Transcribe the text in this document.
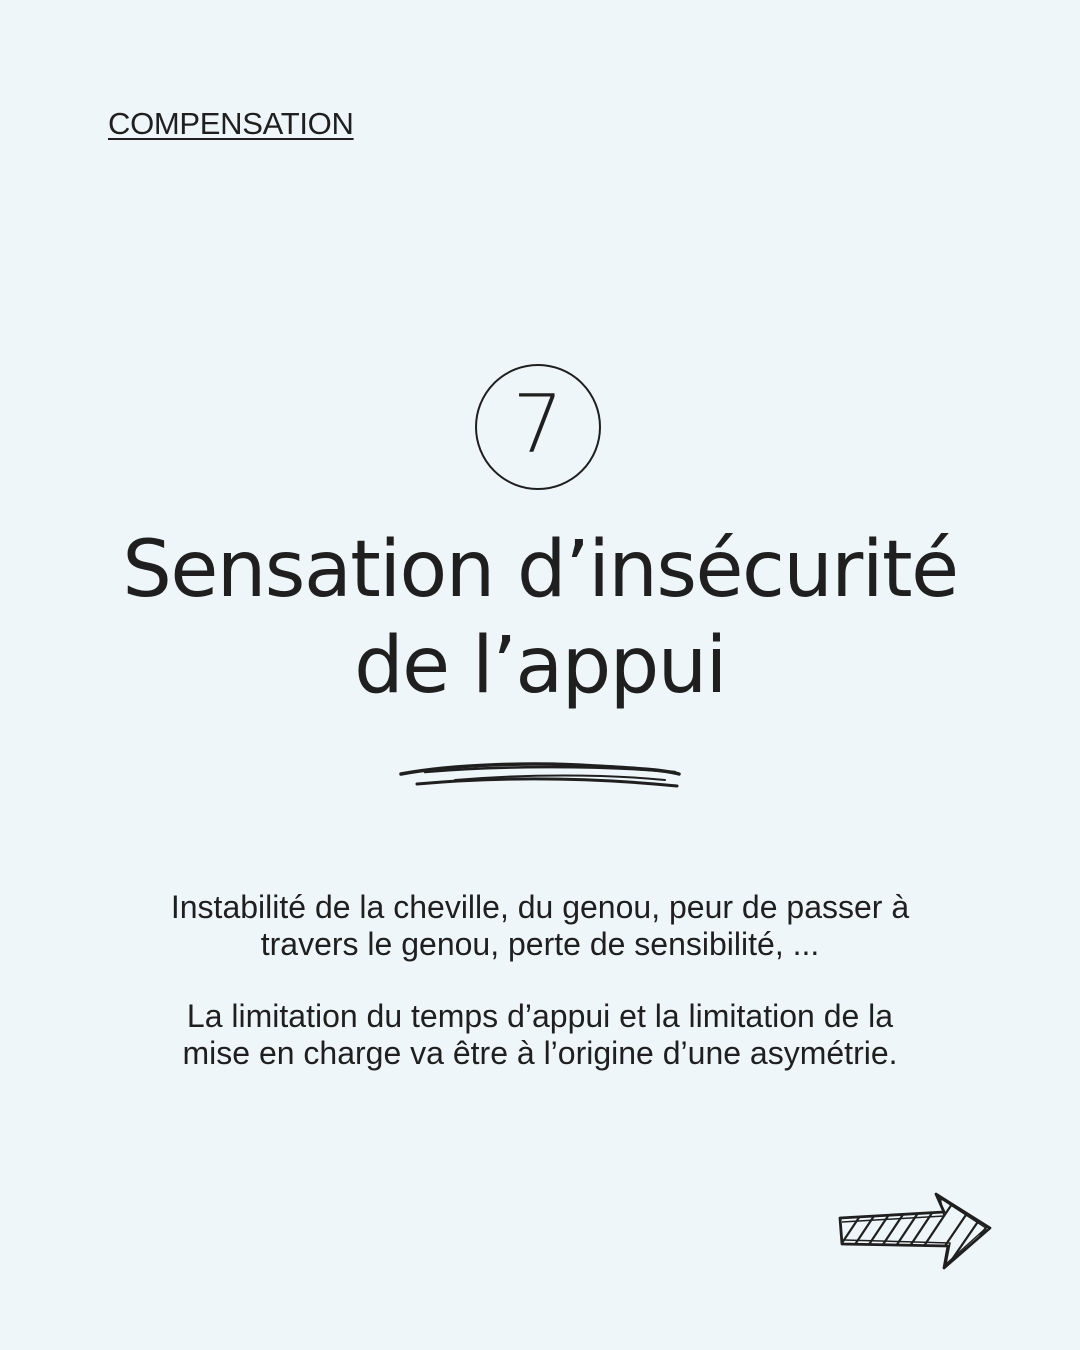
COMPENSATION
7
Sensation d’insécurité
de l’appui
Instabilité de la cheville, du genou, peur de passer à
travers le genou, perte de sensibilité, ...
La limitation du temps d’appui et la limitation de la
mise en charge va être à l’origine d’une asymétrie.
